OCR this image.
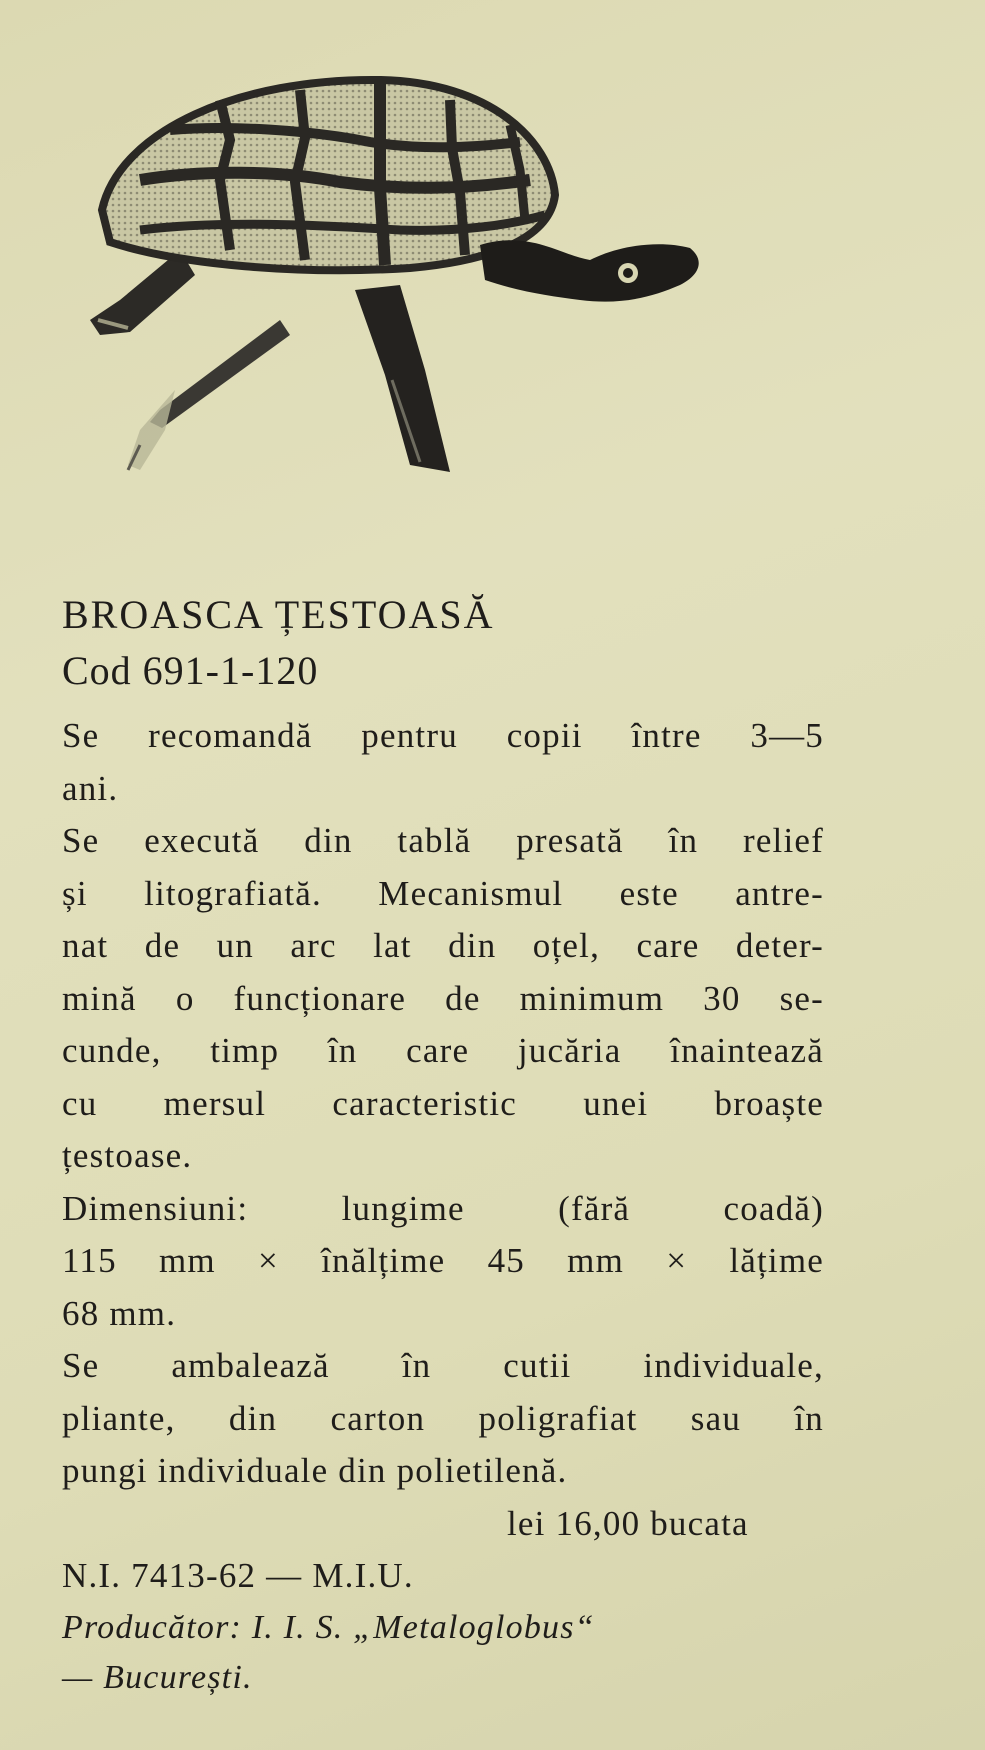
BROASCA ȚESTOASĂ

Cod 691-1-120

Se recomandă pentru copii între 3—5

ani.

Se execută din tablă presată în relief

și litografiată. Mecanismul este antre-

nat de un arc lat din oțel, care deter-

mină o funcționare de minimum 30 se-

cunde, timp în care jucăria înaintează

cu mersul caracteristic unei broaște

țestoase.

Dimensiuni: lungime (fără coadă)

115 mm × înălțime 45 mm × lățime

68 mm.

Se ambalează în cutii individuale,

pliante, din carton poligrafiat sau în

pungi individuale din polietilenă.

lei 16,00 bucata

N.I. 7413-62 — M.I.U.

Producător: I. I. S. „Metaloglobus“

— București.
